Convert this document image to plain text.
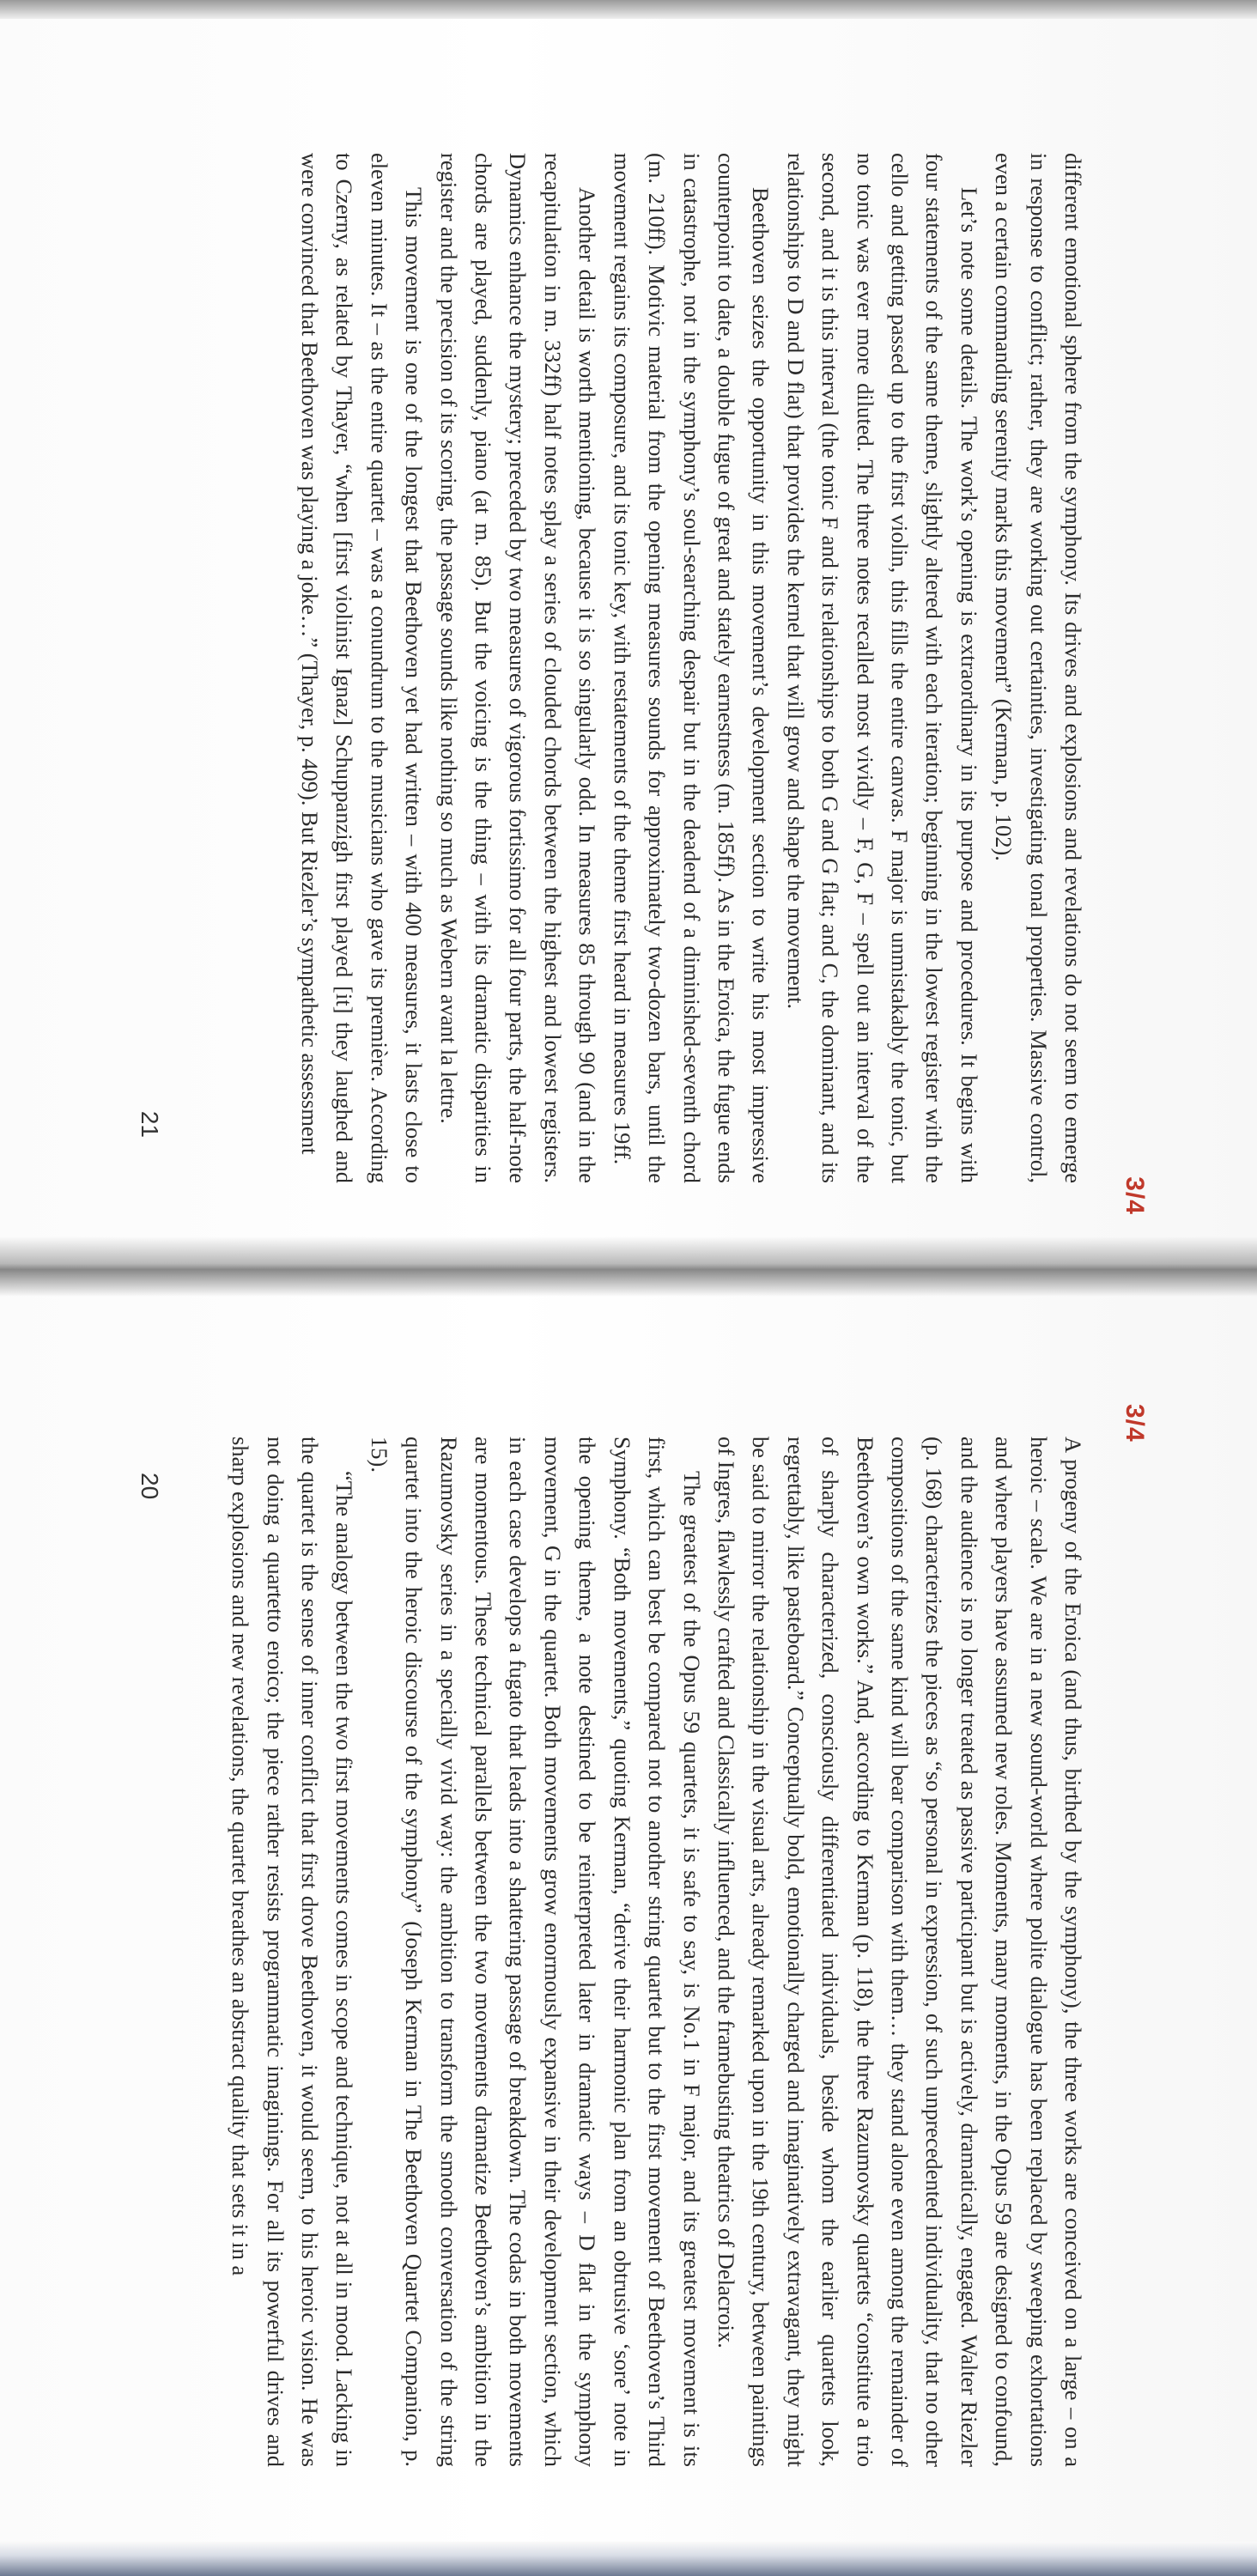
3/4

different emotional sphere from the symphony. Its drives and explosions and revelations do not seem to emerge in response to conflict; rather, they are working out certainties, investigating tonal properties. Massive control, even a certain commanding serenity marks this movement” (Kerman, p. 102).

Let’s note some details. The work’s opening is extraordinary in its purpose and procedures. It begins with four statements of the same theme, slightly altered with each iteration; beginning in the lowest register with the cello and getting passed up to the first violin, this fills the entire canvas. F major is unmistakably the tonic, but no tonic was ever more diluted. The three notes recalled most vividly – F, G, F – spell out an interval of the second, and it is this interval (the tonic F and its relationships to both G and G flat; and C, the dominant, and its relationships to D and D flat) that provides the kernel that will grow and shape the movement.

Beethoven seizes the opportunity in this movement’s development section to write his most impressive counterpoint to date, a double fugue of great and stately earnestness (m. 185ff). As in the Eroica, the fugue ends in catastrophe, not in the symphony’s soul-searching despair but in the deadend of a diminished-seventh chord (m. 210ff). Motivic material from the opening measures sounds for approximately two-dozen bars, until the movement regains its composure, and its tonic key, with restatements of the theme first heard in measures 19ff.

Another detail is worth mentioning, because it is so singularly odd. In measures 85 through 90 (and in the recapitulation in m. 332ff) half notes splay a series of clouded chords between the highest and lowest registers. Dynamics enhance the mystery; preceded by two measures of vigorous fortissimo for all four parts, the half-note chords are played, suddenly, piano (at m. 85). But the voicing is the thing – with its dramatic disparities in register and the precision of its scoring, the passage sounds like nothing so much as Webern avant la lettre.

This movement is one of the longest that Beethoven yet had written – with 400 measures, it lasts close to eleven minutes. It – as the entire quartet – was a conundrum to the musicians who gave its première. According to Czerny, as related by Thayer, “when [first violinist Ignaz] Schuppanzigh first played [it] they laughed and were convinced that Beethoven was playing a joke…” (Thayer, p. 409). But Riezler’s sympathetic assessment

21
3/4

A progeny of the Eroica (and thus, birthed by the symphony), the three works are conceived on a large – on a heroic – scale. We are in a new sound-world where polite dialogue has been replaced by sweeping exhortations and where players have assumed new roles. Moments, many moments, in the Opus 59 are designed to confound, and the audience is no longer treated as passive participant but is actively, dramatically, engaged. Walter Riezler (p. 168) characterizes the pieces as “so personal in expression, of such unprecedented individuality, that no other compositions of the same kind will bear comparison with them… they stand alone even among the remainder of Beethoven’s own works.” And, according to Kerman (p. 118), the three Razumovsky quartets “constitute a trio of sharply characterized, consciously differentiated individuals, beside whom the earlier quartets look, regrettably, like pasteboard.” Conceptually bold, emotionally charged and imaginatively extravagant, they might be said to mirror the relationship in the visual arts, already remarked upon in the 19th century, between paintings of Ingres, flawlessly crafted and Classically influenced, and the framebusting theatrics of Delacroix.

The greatest of the Opus 59 quartets, it is safe to say, is No.1 in F major, and its greatest movement is its first, which can best be compared not to another string quartet but to the first movement of Beethoven’s Third Symphony. “Both movements,” quoting Kerman, “derive their harmonic plan from an obtrusive ‘sore’ note in the opening theme, a note destined to be reinterpreted later in dramatic ways – D flat in the symphony movement, G in the quartet. Both movements grow enormously expansive in their development section, which in each case develops a fugato that leads into a shattering passage of breakdown. The codas in both movements are momentous. These technical parallels between the two movements dramatize Beethoven’s ambition in the Razumovsky series in a specially vivid way: the ambition to transform the smooth conversation of the string quartet into the heroic discourse of the symphony” (Joseph Kerman in The Beethoven Quartet Companion, p. 15).

“The analogy between the two first movements comes in scope and technique, not at all in mood. Lacking in the quartet is the sense of inner conflict that first drove Beethoven, it would seem, to his heroic vision. He was not doing a quartetto eroico; the piece rather resists programmatic imaginings. For all its powerful drives and sharp explosions and new revelations, the quartet breathes an abstract quality that sets it in a

20
